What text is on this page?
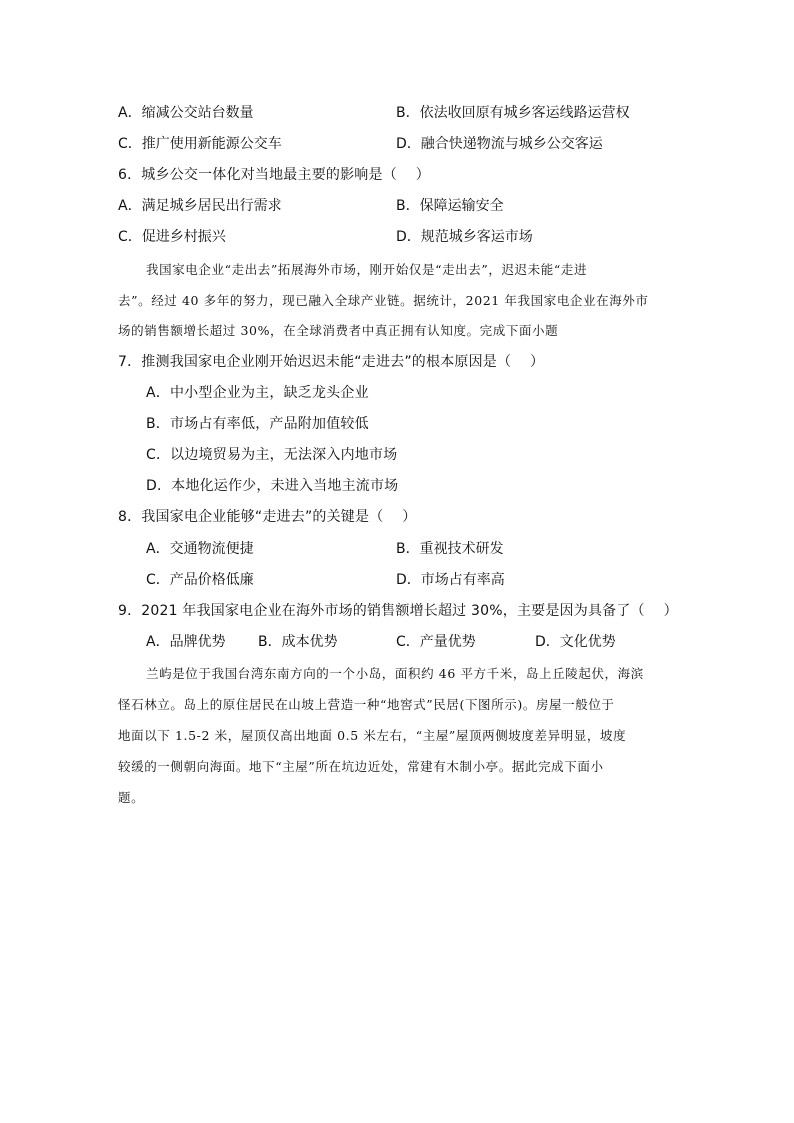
A．缩减公交站台数量	B．依法收回原有城乡客运线路运营权
C．推广使用新能源公交车	D．融合快递物流与城乡公交客运
6．城乡公交一体化对当地最主要的影响是（　 ）
A．满足城乡居民出行需求	B．保障运输安全
C．促进乡村振兴	D．规范城乡客运市场
我国家电企业“走出去”拓展海外市场，刚开始仅是“走出去”，迟迟未能“走进
去”。经过 40 多年的努力，现已融入全球产业链。据统计，2021 年我国家电企业在海外市
场的销售额增长超过 30%，在全球消费者中真正拥有认知度。完成下面小题
7．推测我国家电企业刚开始迟迟未能“走进去”的根本原因是（　 ）
A．中小型企业为主，缺乏龙头企业
B．市场占有率低，产品附加值较低
C．以边境贸易为主，无法深入内地市场
D．本地化运作少，未进入当地主流市场
8．我国家电企业能够“走进去”的关键是（　 ）
A．交通物流便捷	B．重视技术研发
C．产品价格低廉	D．市场占有率高
9．2021 年我国家电企业在海外市场的销售额增长超过 30%，主要是因为具备了（　 ）
A．品牌优势 B．成本优势	C．产量优势	D．文化优势
兰屿是位于我国台湾东南方向的一个小岛，面积约 46 平方千米，岛上丘陵起伏，海滨
怪石林立。岛上的原住居民在山坡上营造一种“地窖式”民居(下图所示)。房屋一般位于
地面以下 1.5-2 米，屋顶仅高出地面 0.5 米左右，“主屋”屋顶两侧坡度差异明显，坡度
较缓的一侧朝向海面。地下“主屋”所在坑边近处，常建有木制小亭。据此完成下面小
题。
